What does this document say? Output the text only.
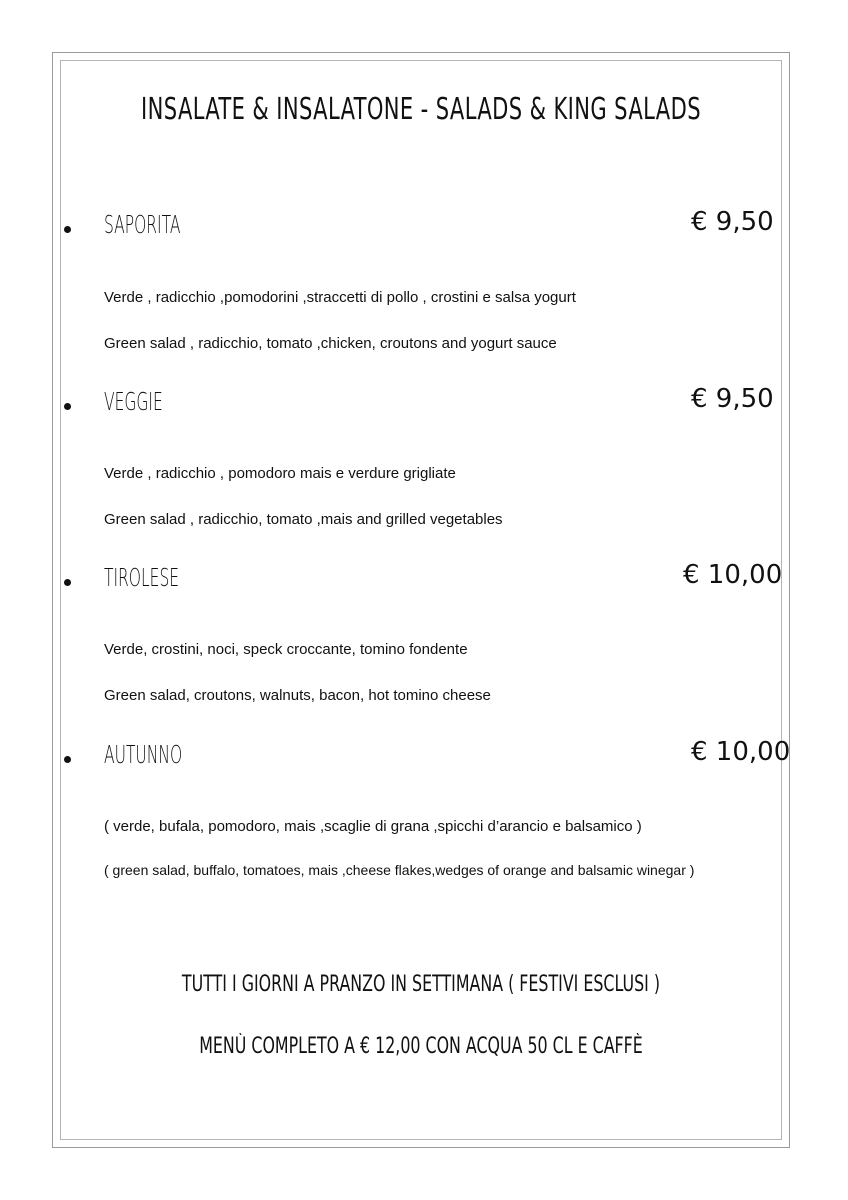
INSALATE & INSALATONE - SALADS & KING SALADS
SAPORITA	€ 9,50
Verde , radicchio ,pomodorini ,straccetti di pollo , crostini e salsa yogurt
Green salad , radicchio, tomato ,chicken, croutons and yogurt sauce
VEGGIE	€ 9,50
Verde , radicchio , pomodoro mais e verdure grigliate
Green salad , radicchio, tomato ,mais and grilled vegetables
TIROLESE	€ 10,00
Verde, crostini, noci, speck croccante, tomino fondente
Green salad, croutons, walnuts, bacon, hot tomino cheese
AUTUNNO	€ 10,00
( verde, bufala, pomodoro, mais ,scaglie di grana ,spicchi d’arancio e balsamico )
( green salad, buffalo, tomatoes, mais ,cheese flakes,wedges of orange and balsamic winegar )
TUTTI I GIORNI A PRANZO IN SETTIMANA ( FESTIVI ESCLUSI )
MENÙ COMPLETO A € 12,00 CON ACQUA 50 CL E CAFFÈ
